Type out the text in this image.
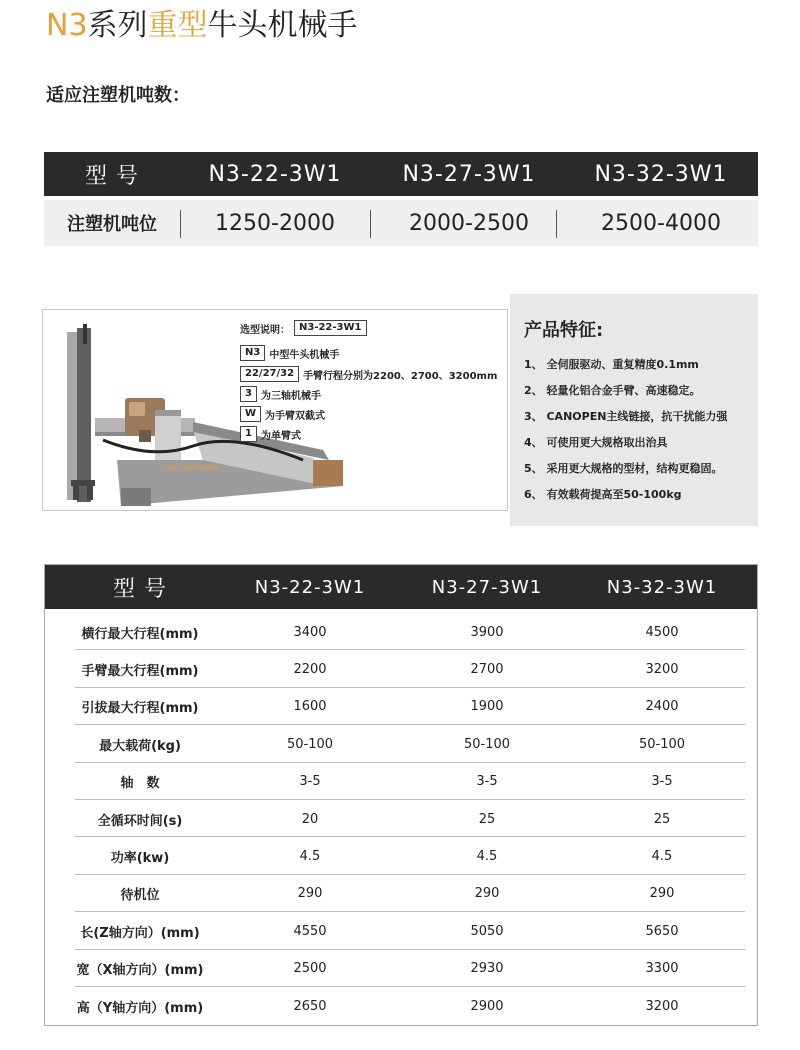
N3系列重型牛头机械手
适应注塑机吨数：
型 号	N3-22-3W1	N3-27-3W1	N3-32-3W1
注塑机吨位	1250-2000	2000-2500	2500-4000
闪电 LIGHTNING
选型说明： N3-22-3W1
N3 中型牛头机械手
22/27/32 手臂行程分别为2200、2700、3200mm
3 为三轴机械手
W 为手臂双截式
1 为单臂式
产品特征:
1、 全伺服驱动、重复精度0.1mm
2、 轻量化铝合金手臂、高速稳定。
3、 CANOPEN主线链接，抗干扰能力强
4、 可使用更大规格取出治具
5、 采用更大规格的型材，结构更稳固。
6、 有效载荷提高至50-100kg
型 号	N3-22-3W1	N3-27-3W1	N3-32-3W1
横行最大行程(mm)	3400	3900	4500
手臂最大行程(mm)	2200	2700	3200
引拔最大行程(mm)	1600	1900	2400
最大载荷(kg)	50-100	50-100	50-100
轴　数	3-5	3-5	3-5
全循环时间(s)	20	25	25
功率(kw)	4.5	4.5	4.5
待机位	290	290	290
长(Z轴方向）(mm)	4550	5050	5650
宽（X轴方向）(mm)	2500	2930	3300
高（Y轴方向）(mm)	2650	2900	3200
